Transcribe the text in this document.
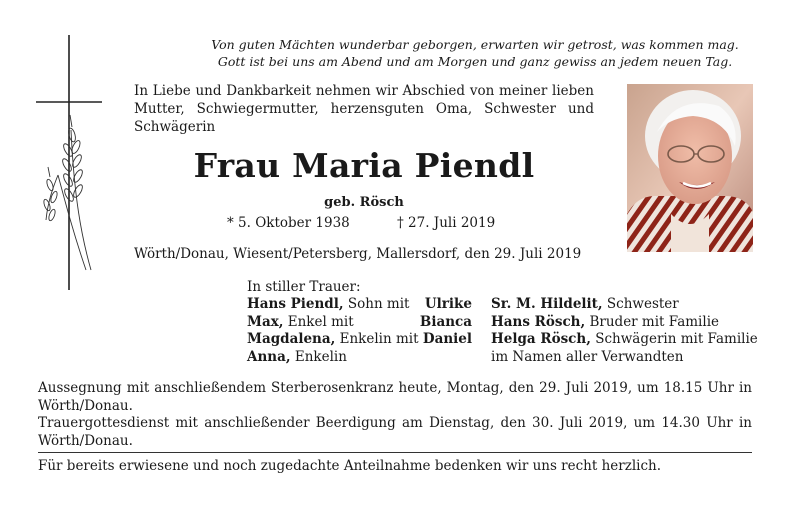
Von guten Mächten wunderbar geborgen, erwarten wir getrost, was kommen mag.
Gott ist bei uns am Abend und am Morgen und ganz gewiss an jedem neuen Tag.
In Liebe und Dankbarkeit nehmen wir Abschied von meiner lieben Mutter, Schwiegermutter, herzensguten Oma, Schwester und Schwägerin
Frau Maria Piendl
geb. Rösch
* 5. Oktober 1938	† 27. Juli 2019
Wörth/Donau, Wiesent/Petersberg, Mallersdorf, den 29. Juli 2019
In stiller Trauer:
Hans Piendl, Sohn mit Ulrike
Max, Enkel mit	Bianca
Magdalena, Enkelin mit Daniel
Anna, Enkelin
Sr. M. Hildelit, Schwester
Hans Rösch, Bruder mit Familie
Helga Rösch, Schwägerin mit Familie
im Namen aller Verwandten
Aussegnung mit anschließendem Sterberosenkranz heute, Montag, den 29. Juli 2019, um 18.15 Uhr in Wörth/Donau.
Trauergottesdienst mit anschließender Beerdigung am Dienstag, den 30. Juli 2019, um 14.30 Uhr in Wörth/Donau.
Für bereits erwiesene und noch zugedachte Anteilnahme bedenken wir uns recht herzlich.
